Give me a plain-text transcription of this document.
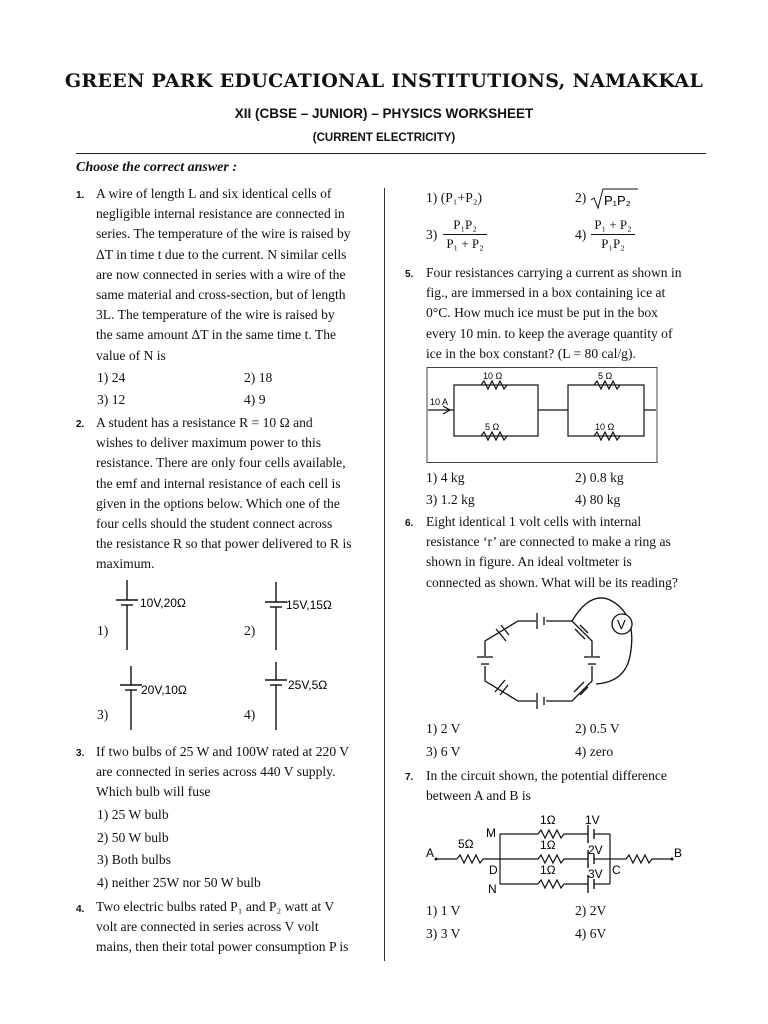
GREEN PARK EDUCATIONAL INSTITUTIONS, NAMAKKAL
XII (CBSE – JUNIOR) – PHYSICS WORKSHEET
(CURRENT ELECTRICITY)
Choose the correct answer :
1. A wire of length L and six identical cells of
negligible internal resistance are connected in
series. The temperature of the wire is raised by
ΔT in time t due to the current. N similar cells
are now connected in series with a wire of the
same material and cross-section, but of length
3L. The temperature of the wire is raised by
the same amount ΔT in the same time t. The
value of N is
1) 24	2) 18
3) 12	4) 9
2. A student has a resistance R = 10 Ω and
wishes to deliver maximum power to this
resistance. There are only four cells available,
the emf and internal resistance of each cell is
given in the options below. Which one of the
four cells should the student connect across
the resistance R so that power delivered to R is
maximum.
1)	2)
3)	4)
10V,20Ω	15V,15Ω
20V,10Ω	25V,5Ω
3. If two bulbs of 25 W and 100W rated at 220 V
are connected in series across 440 V supply.
Which bulb will fuse
1) 25 W bulb
2) 50 W bulb
3) Both bulbs
4) neither 25W nor 50 W bulb
4. Two electric bulbs rated P₁ and P₂ watt at V
volt are connected in series across V volt
mains, then their total power consumption P is
1) (P₁+P₂)	2) P₁P₂
3)
P₁P₂
P₁ + P₂
4)
P₁ + P₂
P₁P₂
5. Four resistances carrying a current as shown in
fig., are immersed in a box containing ice at
0°C. How much ice must be put in the box
every 10 min. to keep the average quantity of
ice in the box constant? (L = 80 cal/g).
10 A
10 Ω
5 Ω
5 Ω
10 Ω
1) 4 kg	2) 0.8 kg
3) 1.2 kg	4) 80 kg
6. Eight identical 1 volt cells with internal
resistance ‘r’ are connected to make a ring as
shown in figure. An ideal voltmeter is
connected as shown. What will be its reading?
V
1) 2 V	2) 0.5 V
3) 6 V	4) zero
7. In the circuit shown, the potential difference
between A and B is
A	B
M
N
D	C
5Ω
1Ω
1Ω
1Ω
1V
2V
3V
1) 1 V	2) 2V
3) 3 V	4) 6V
